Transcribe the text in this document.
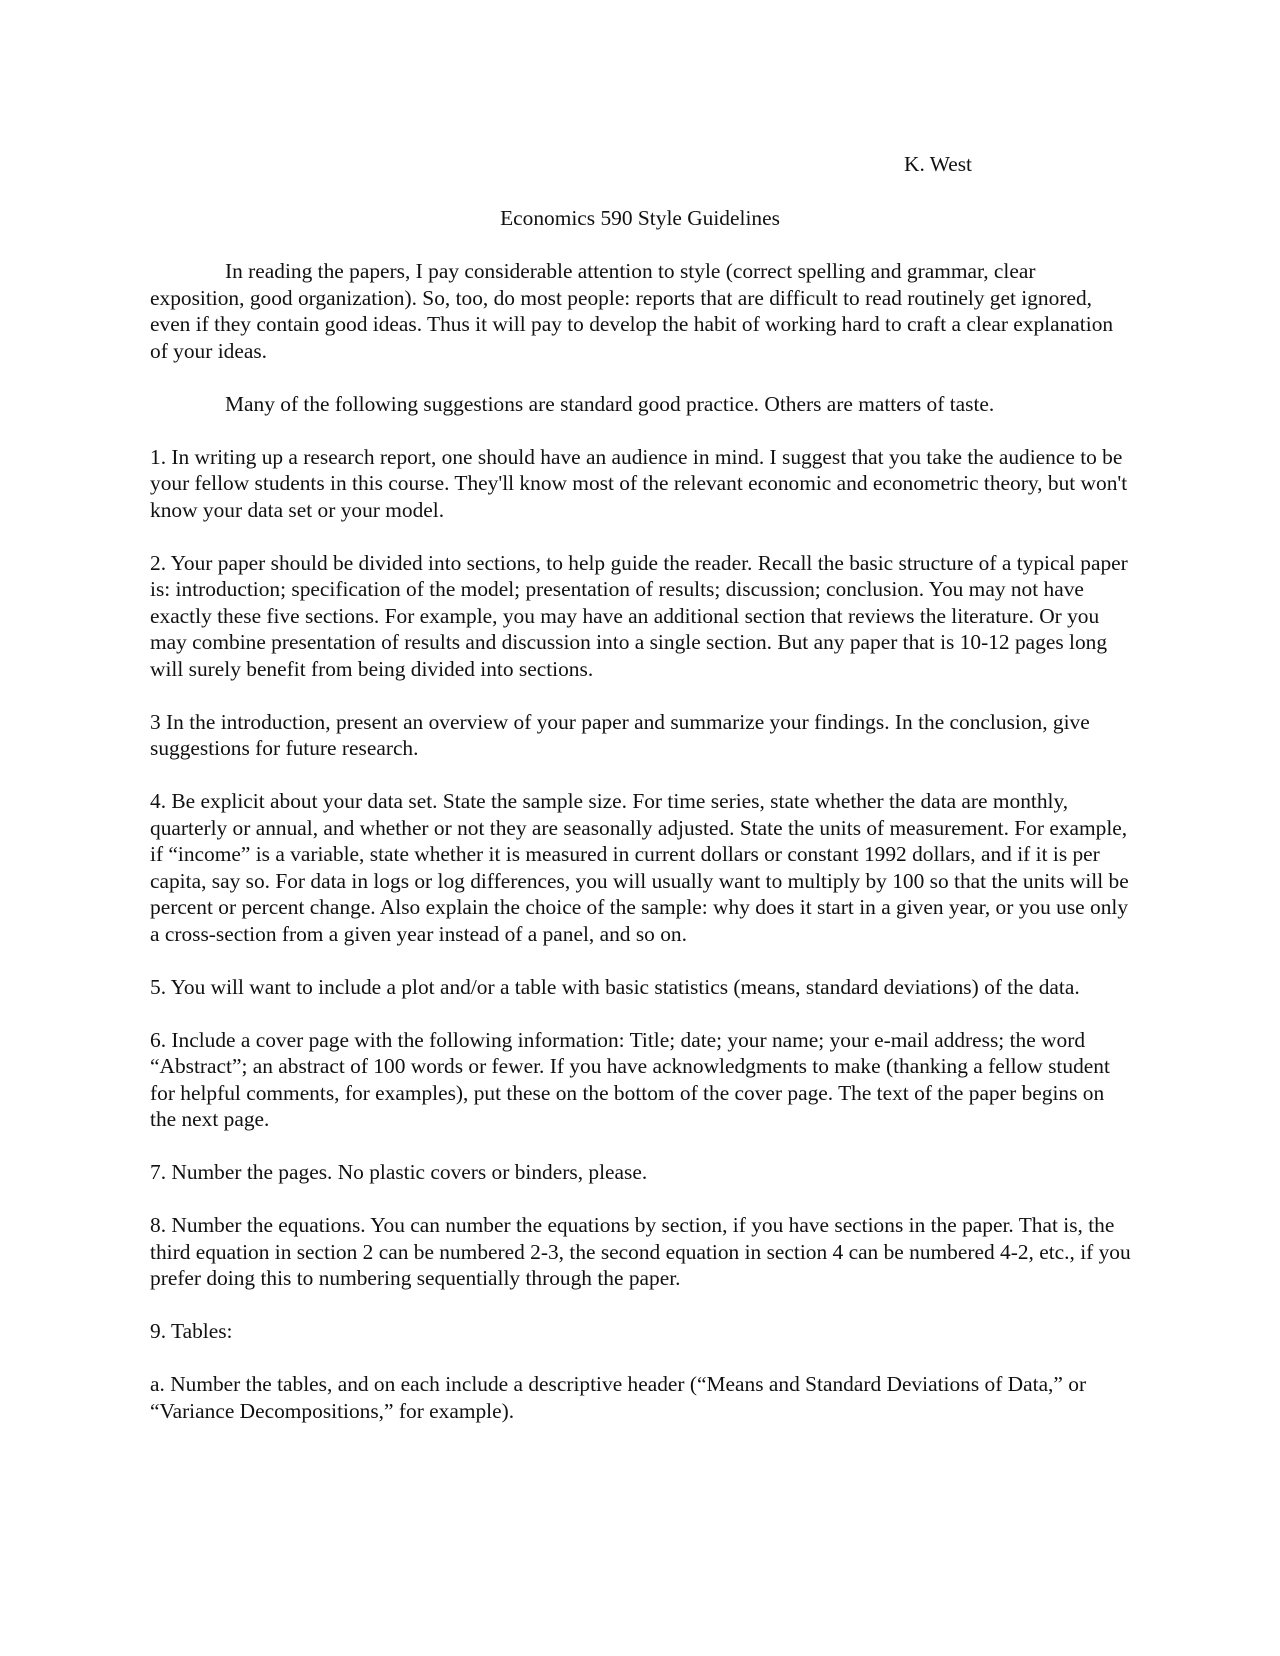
K. West
Economics 590 Style Guidelines

In reading the papers, I pay considerable attention to style (correct spelling and grammar, clear exposition, good organization). So, too, do most people: reports that are difficult to read routinely get ignored, even if they contain good ideas. Thus it will pay to develop the habit of working hard to craft a clear explanation of your ideas.

Many of the following suggestions are standard good practice. Others are matters of taste.

1. In writing up a research report, one should have an audience in mind. I suggest that you take the audience to be your fellow students in this course. They'll know most of the relevant economic and econometric theory, but won't know your data set or your model.

2. Your paper should be divided into sections, to help guide the reader. Recall the basic structure of a typical paper is: introduction; specification of the model; presentation of results; discussion; conclusion. You may not have exactly these five sections. For example, you may have an additional section that reviews the literature. Or you may combine presentation of results and discussion into a single section. But any paper that is 10-12 pages long will surely benefit from being divided into sections.

3 In the introduction, present an overview of your paper and summarize your findings. In the conclusion, give suggestions for future research.

4. Be explicit about your data set. State the sample size. For time series, state whether the data are monthly, quarterly or annual, and whether or not they are seasonally adjusted. State the units of measurement. For example, if “income” is a variable, state whether it is measured in current dollars or constant 1992 dollars, and if it is per capita, say so. For data in logs or log differences, you will usually want to multiply by 100 so that the units will be percent or percent change. Also explain the choice of the sample: why does it start in a given year, or you use only a cross-section from a given year instead of a panel, and so on.

5. You will want to include a plot and/or a table with basic statistics (means, standard deviations) of the data.

6. Include a cover page with the following information: Title; date; your name; your e-mail address; the word “Abstract”; an abstract of 100 words or fewer. If you have acknowledgments to make (thanking a fellow student for helpful comments, for examples), put these on the bottom of the cover page. The text of the paper begins on the next page.

7. Number the pages. No plastic covers or binders, please.

8. Number the equations. You can number the equations by section, if you have sections in the paper. That is, the third equation in section 2 can be numbered 2-3, the second equation in section 4 can be numbered 4-2, etc., if you prefer doing this to numbering sequentially through the paper.

9. Tables:

a. Number the tables, and on each include a descriptive header (“Means and Standard Deviations of Data,” or “Variance Decompositions,” for example).
